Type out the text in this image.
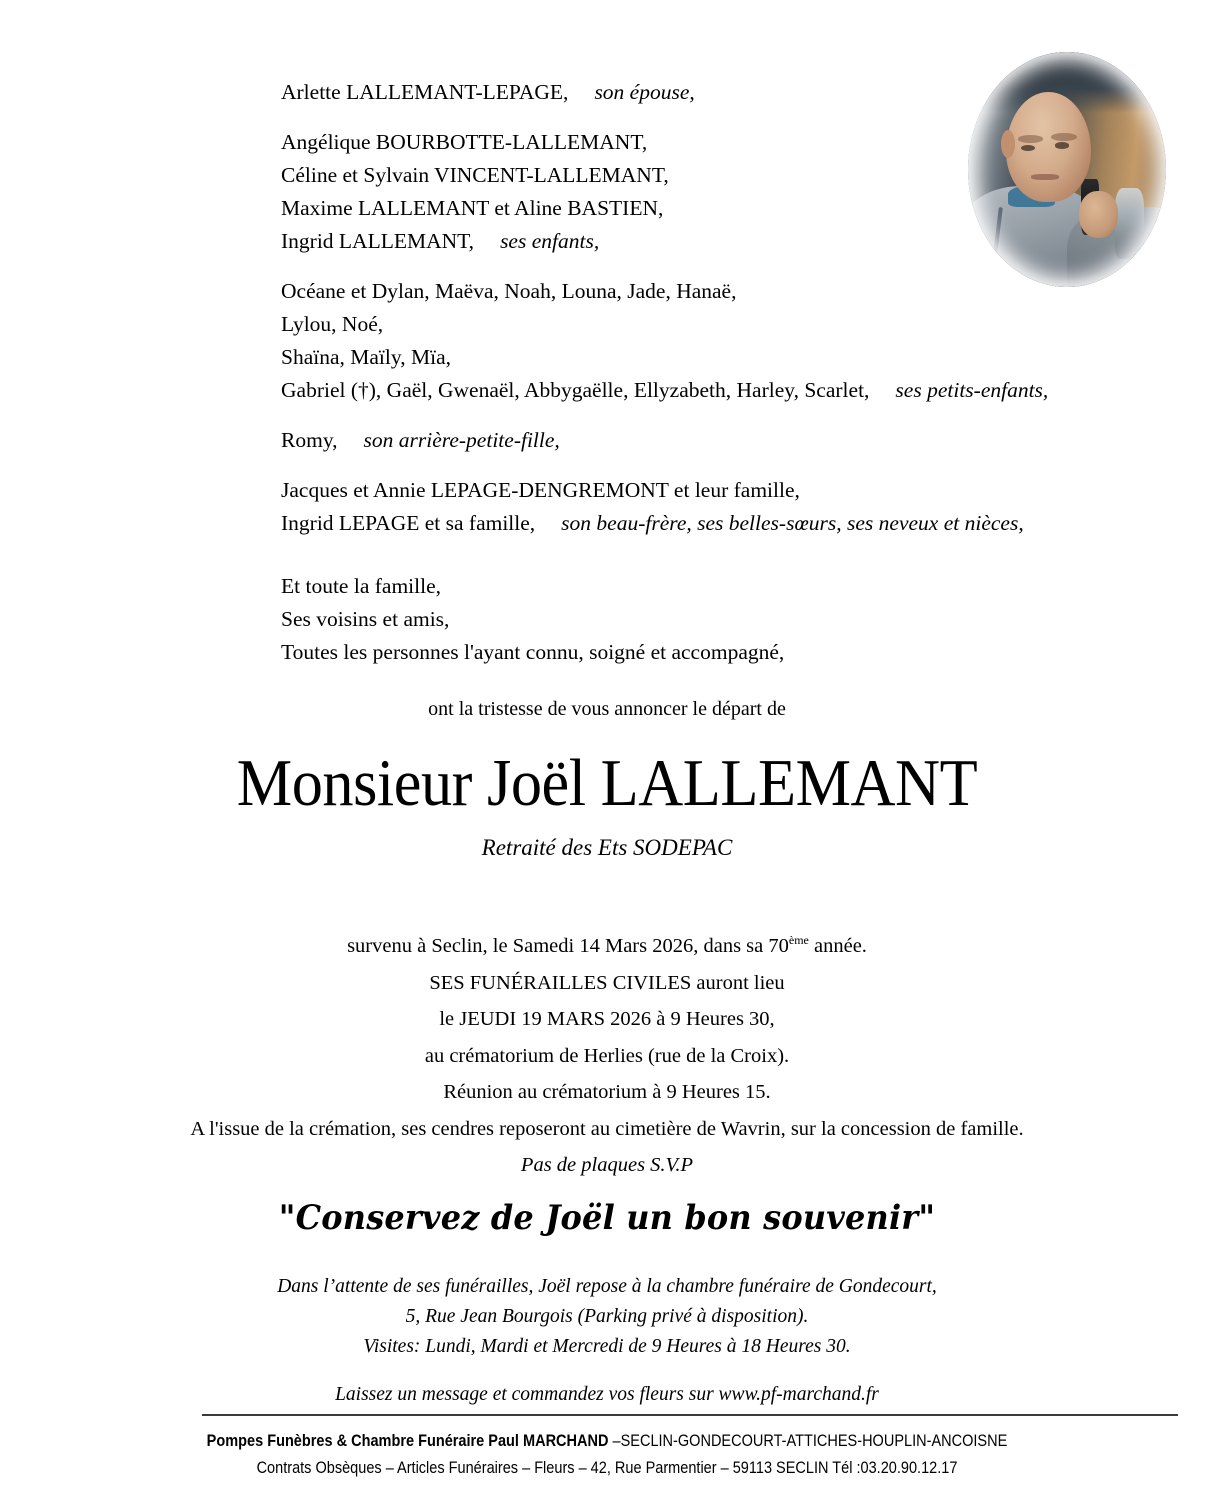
Arlette LALLEMANT-LEPAGE, son épouse,
Angélique BOURBOTTE-LALLEMANT,
Céline et Sylvain VINCENT-LALLEMANT,
Maxime LALLEMANT et Aline BASTIEN,
Ingrid LALLEMANT, ses enfants,
Océane et Dylan, Maëva, Noah, Louna, Jade, Hanaë,
Lylou, Noé,
Shaïna, Maïly, Mïa,
Gabriel (†), Gaël, Gwenaël, Abbygaëlle, Ellyzabeth, Harley, Scarlet, ses petits-enfants,
Romy, son arrière-petite-fille,
Jacques et Annie LEPAGE-DENGREMONT et leur famille,
Ingrid LEPAGE et sa famille, son beau-frère, ses belles-sœurs, ses neveux et nièces,
Et toute la famille,
Ses voisins et amis,
Toutes les personnes l'ayant connu, soigné et accompagné,
ont la tristesse de vous annoncer le départ de
Monsieur Joël LALLEMANT
Retraité des Ets SODEPAC
survenu à Seclin, le Samedi 14 Mars 2026, dans sa 70ème année.
SES FUNÉRAILLES CIVILES auront lieu
le JEUDI 19 MARS 2026 à 9 Heures 30,
au crématorium de Herlies (rue de la Croix).
Réunion au crématorium à 9 Heures 15.
A l'issue de la crémation, ses cendres reposeront au cimetière de Wavrin, sur la concession de famille.
Pas de plaques S.V.P
"Conservez de Joël un bon souvenir"
Dans l’attente de ses funérailles, Joël repose à la chambre funéraire de Gondecourt,
5, Rue Jean Bourgois (Parking privé à disposition).
Visites: Lundi, Mardi et Mercredi de 9 Heures à 18 Heures 30.
Laissez un message et commandez vos fleurs sur www.pf-marchand.fr
Pompes Funèbres & Chambre Funéraire Paul MARCHAND –SECLIN-GONDECOURT-ATTICHES-HOUPLIN-ANCOISNE
Contrats Obsèques – Articles Funéraires – Fleurs – 42, Rue Parmentier – 59113 SECLIN Tél :03.20.90.12.17
